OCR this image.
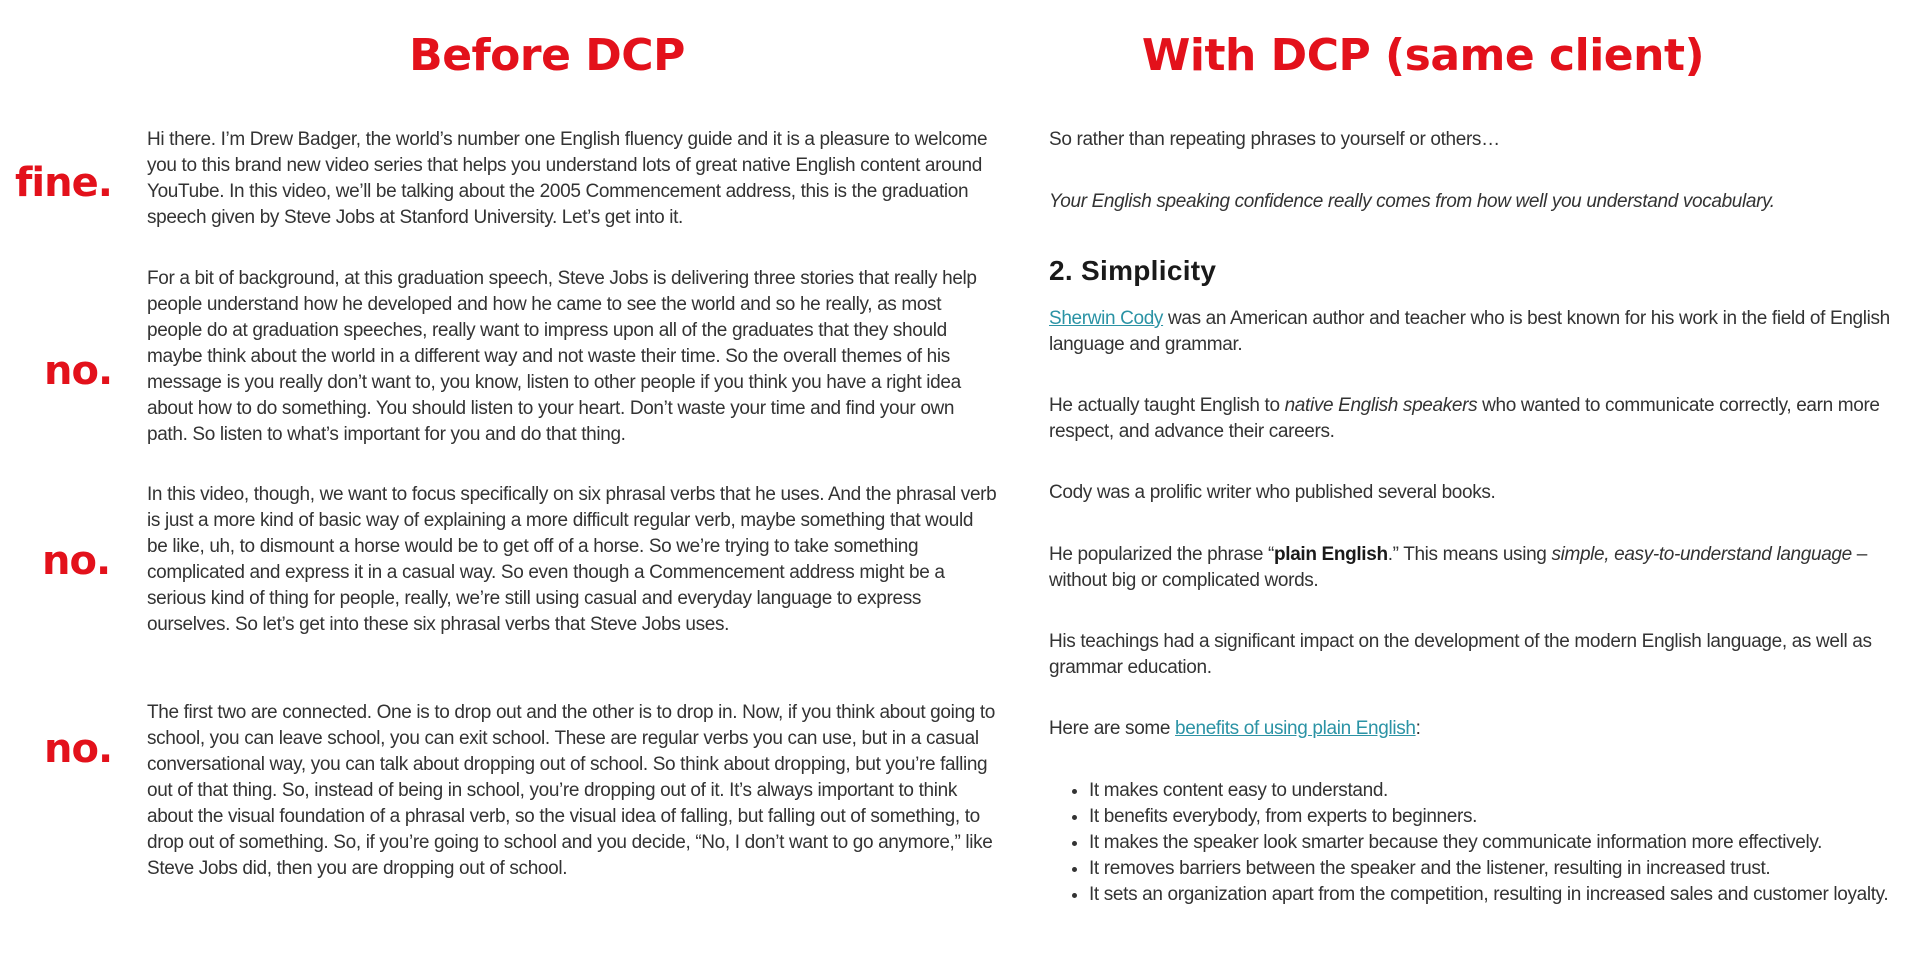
Before DCP	With DCP (same client)
fine.
no.
no.
no.

Hi there. I’m Drew Badger, the world’s number one English fluency guide and it is a pleasure to welcome you to this brand new video series that helps you understand lots of great native English content around YouTube. In this video, we’ll be talking about the 2005 Commencement address, this is the graduation speech given by Steve Jobs at Stanford University. Let’s get into it.

For a bit of background, at this graduation speech, Steve Jobs is delivering three stories that really help people understand how he developed and how he came to see the world and so he really, as most people do at graduation speeches, really want to impress upon all of the graduates that they should maybe think about the world in a different way and not waste their time. So the overall themes of his message is you really don’t want to, you know, listen to other people if you think you have a right idea about how to do something. You should listen to your heart. Don’t waste your time and find your own path. So listen to what’s important for you and do that thing.

In this video, though, we want to focus specifically on six phrasal verbs that he uses. And the phrasal verb is just a more kind of basic way of explaining a more difficult regular verb, maybe something that would be like, uh, to dismount a horse would be to get off of a horse. So we’re trying to take something complicated and express it in a casual way. So even though a Commencement address might be a serious kind of thing for people, really, we’re still using casual and everyday language to express ourselves. So let’s get into these six phrasal verbs that Steve Jobs uses.

The first two are connected. One is to drop out and the other is to drop in. Now, if you think about going to school, you can leave school, you can exit school. These are regular verbs you can use, but in a casual conversational way, you can talk about dropping out of school. So think about dropping, but you’re falling out of that thing. So, instead of being in school, you’re dropping out of it. It’s always important to think about the visual foundation of a phrasal verb, so the visual idea of falling, but falling out of something, to drop out of something. So, if you’re going to school and you decide, “No, I don’t want to go anymore,” like Steve Jobs did, then you are dropping out of school.

So rather than repeating phrases to yourself or others…

Your English speaking confidence really comes from how well you understand vocabulary.

2. Simplicity

Sherwin Cody was an American author and teacher who is best known for his work in the field of English language and grammar.

He actually taught English to native English speakers who wanted to communicate correctly, earn more respect, and advance their careers.

Cody was a prolific writer who published several books.

He popularized the phrase “plain English.” This means using simple, easy-to-understand language – without big or complicated words.

His teachings had a significant impact on the development of the modern English language, as well as grammar education.

Here are some benefits of using plain English:

• It makes content easy to understand.
• It benefits everybody, from experts to beginners.
• It makes the speaker look smarter because they communicate information more effectively.
• It removes barriers between the speaker and the listener, resulting in increased trust.
• It sets an organization apart from the competition, resulting in increased sales and customer loyalty.
